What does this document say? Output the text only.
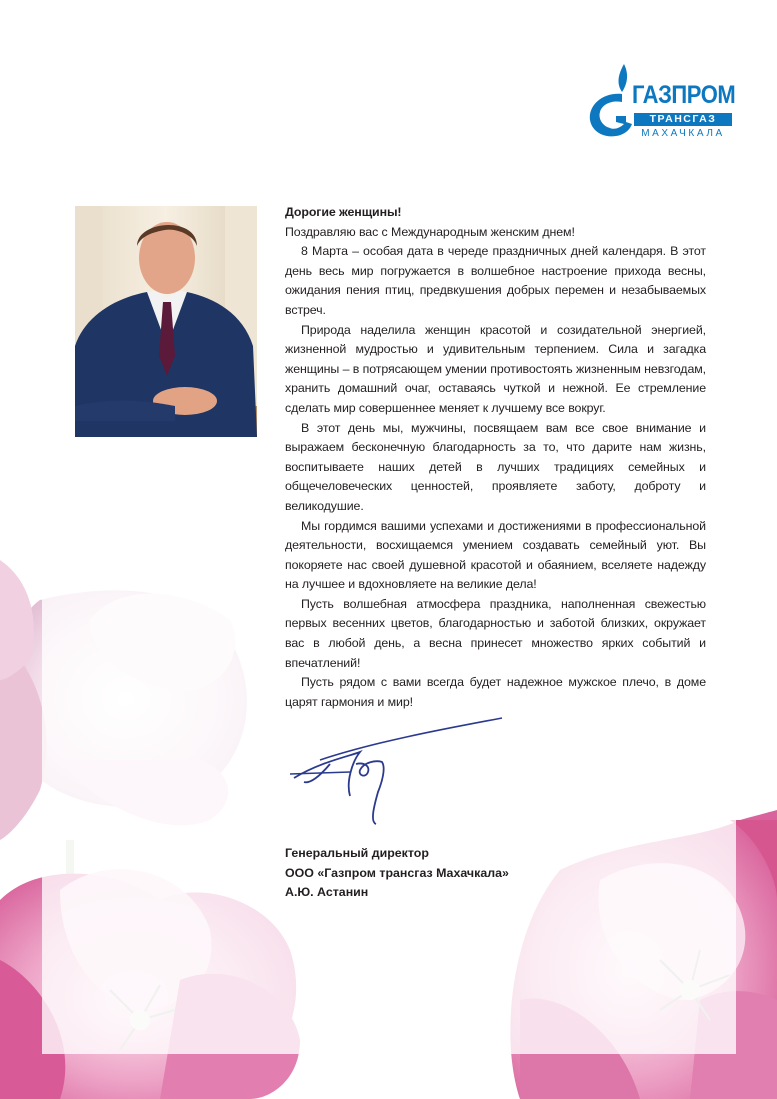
ГАЗПРОМ
ТРАНСГАЗ
МАХАЧКАЛА

Дорогие женщины!

Поздравляю вас с Международным женским днем!

8 Марта – особая дата в череде праздничных дней календаря. В этот день весь мир погружается в волшебное настроение прихода весны, ожидания пения птиц, предвкушения добрых перемен и незабываемых встреч.

Природа наделила женщин красотой и созидательной энергией, жизненной мудростью и удивительным терпением. Сила и загадка женщины – в потрясающем умении противостоять жизненным невзгодам, хранить домашний очаг, оставаясь чуткой и нежной. Ее стремление сделать мир совершеннее меняет к лучшему все вокруг.

В этот день мы, мужчины, посвящаем вам все свое внимание и выражаем бесконечную благодарность за то, что дарите нам жизнь, воспитываете наших детей в лучших традициях семейных и общечеловеческих ценностей, проявляете заботу, доброту и великодушие.

Мы гордимся вашими успехами и достижениями в профессиональной деятельности, восхищаемся умением создавать семейный уют. Вы покоряете нас своей душевной красотой и обаянием, вселяете надежду на лучшее и вдохновляете на великие дела!

Пусть волшебная атмосфера праздника, наполненная свежестью первых весенних цветов, благодарностью и заботой близких, окружает вас в любой день, а весна принесет множество ярких событий и впечатлений!

Пусть рядом с вами всегда будет надежное мужское плечо, в доме царят гармония и мир!

Генеральный директор
ООО «Газпром трансгаз Махачкала»
А.Ю. Астанин
